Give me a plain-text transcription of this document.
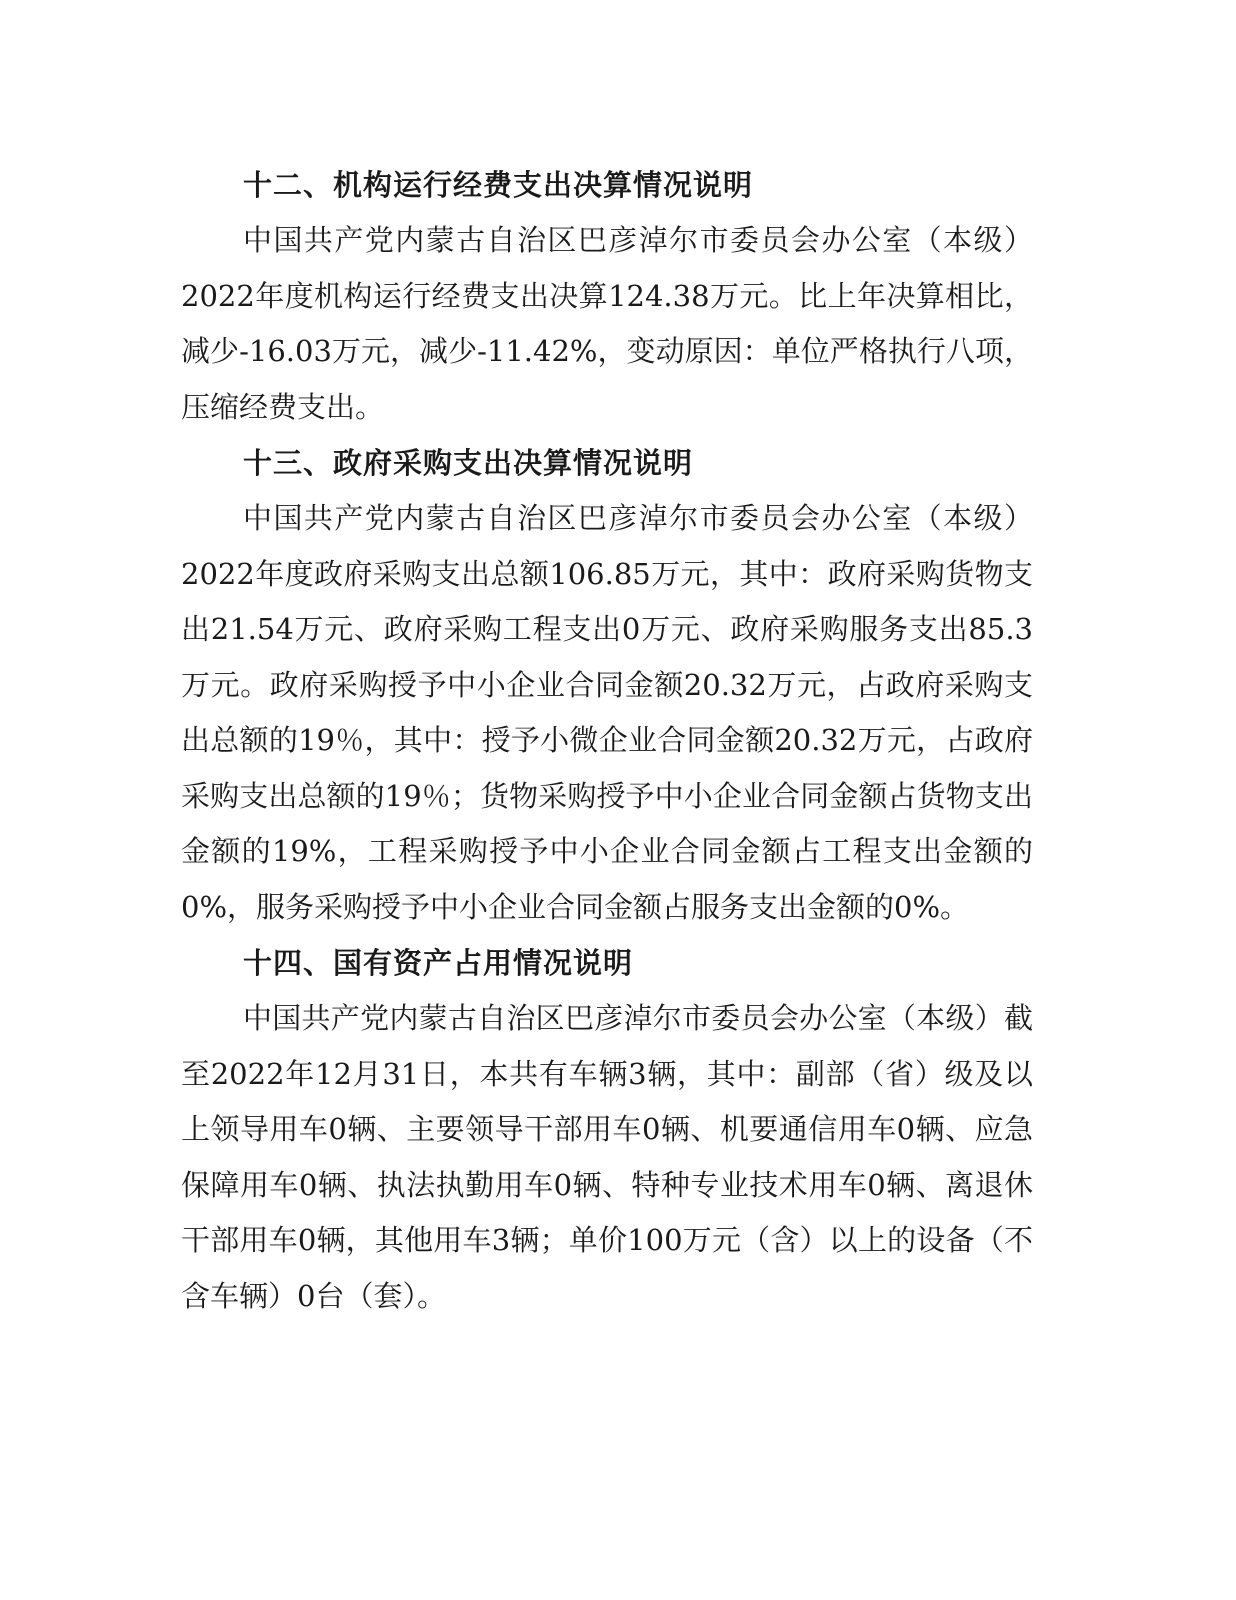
十二、机构运行经费支出决算情况说明

中国共产党内蒙古自治区巴彦淖尔市委员会办公室（本级）2022年度机构运行经费支出决算124.38万元。比上年决算相比，减少-16.03万元，减少-11.42%，变动原因：单位严格执行八项，压缩经费支出。

十三、政府采购支出决算情况说明

中国共产党内蒙古自治区巴彦淖尔市委员会办公室（本级）2022年度政府采购支出总额106.85万元，其中：政府采购货物支出21.54万元、政府采购工程支出0万元、政府采购服务支出85.3万元。政府采购授予中小企业合同金额20.32万元，占政府采购支出总额的19％，其中：授予小微企业合同金额20.32万元，占政府采购支出总额的19％；货物采购授予中小企业合同金额占货物支出金额的19%，工程采购授予中小企业合同金额占工程支出金额的0%，服务采购授予中小企业合同金额占服务支出金额的0%。

十四、国有资产占用情况说明

中国共产党内蒙古自治区巴彦淖尔市委员会办公室（本级）截至2022年12月31日，本共有车辆3辆，其中：副部（省）级及以上领导用车0辆、主要领导干部用车0辆、机要通信用车0辆、应急保障用车0辆、执法执勤用车0辆、特种专业技术用车0辆、离退休干部用车0辆，其他用车3辆；单价100万元（含）以上的设备（不含车辆）0台（套）。
